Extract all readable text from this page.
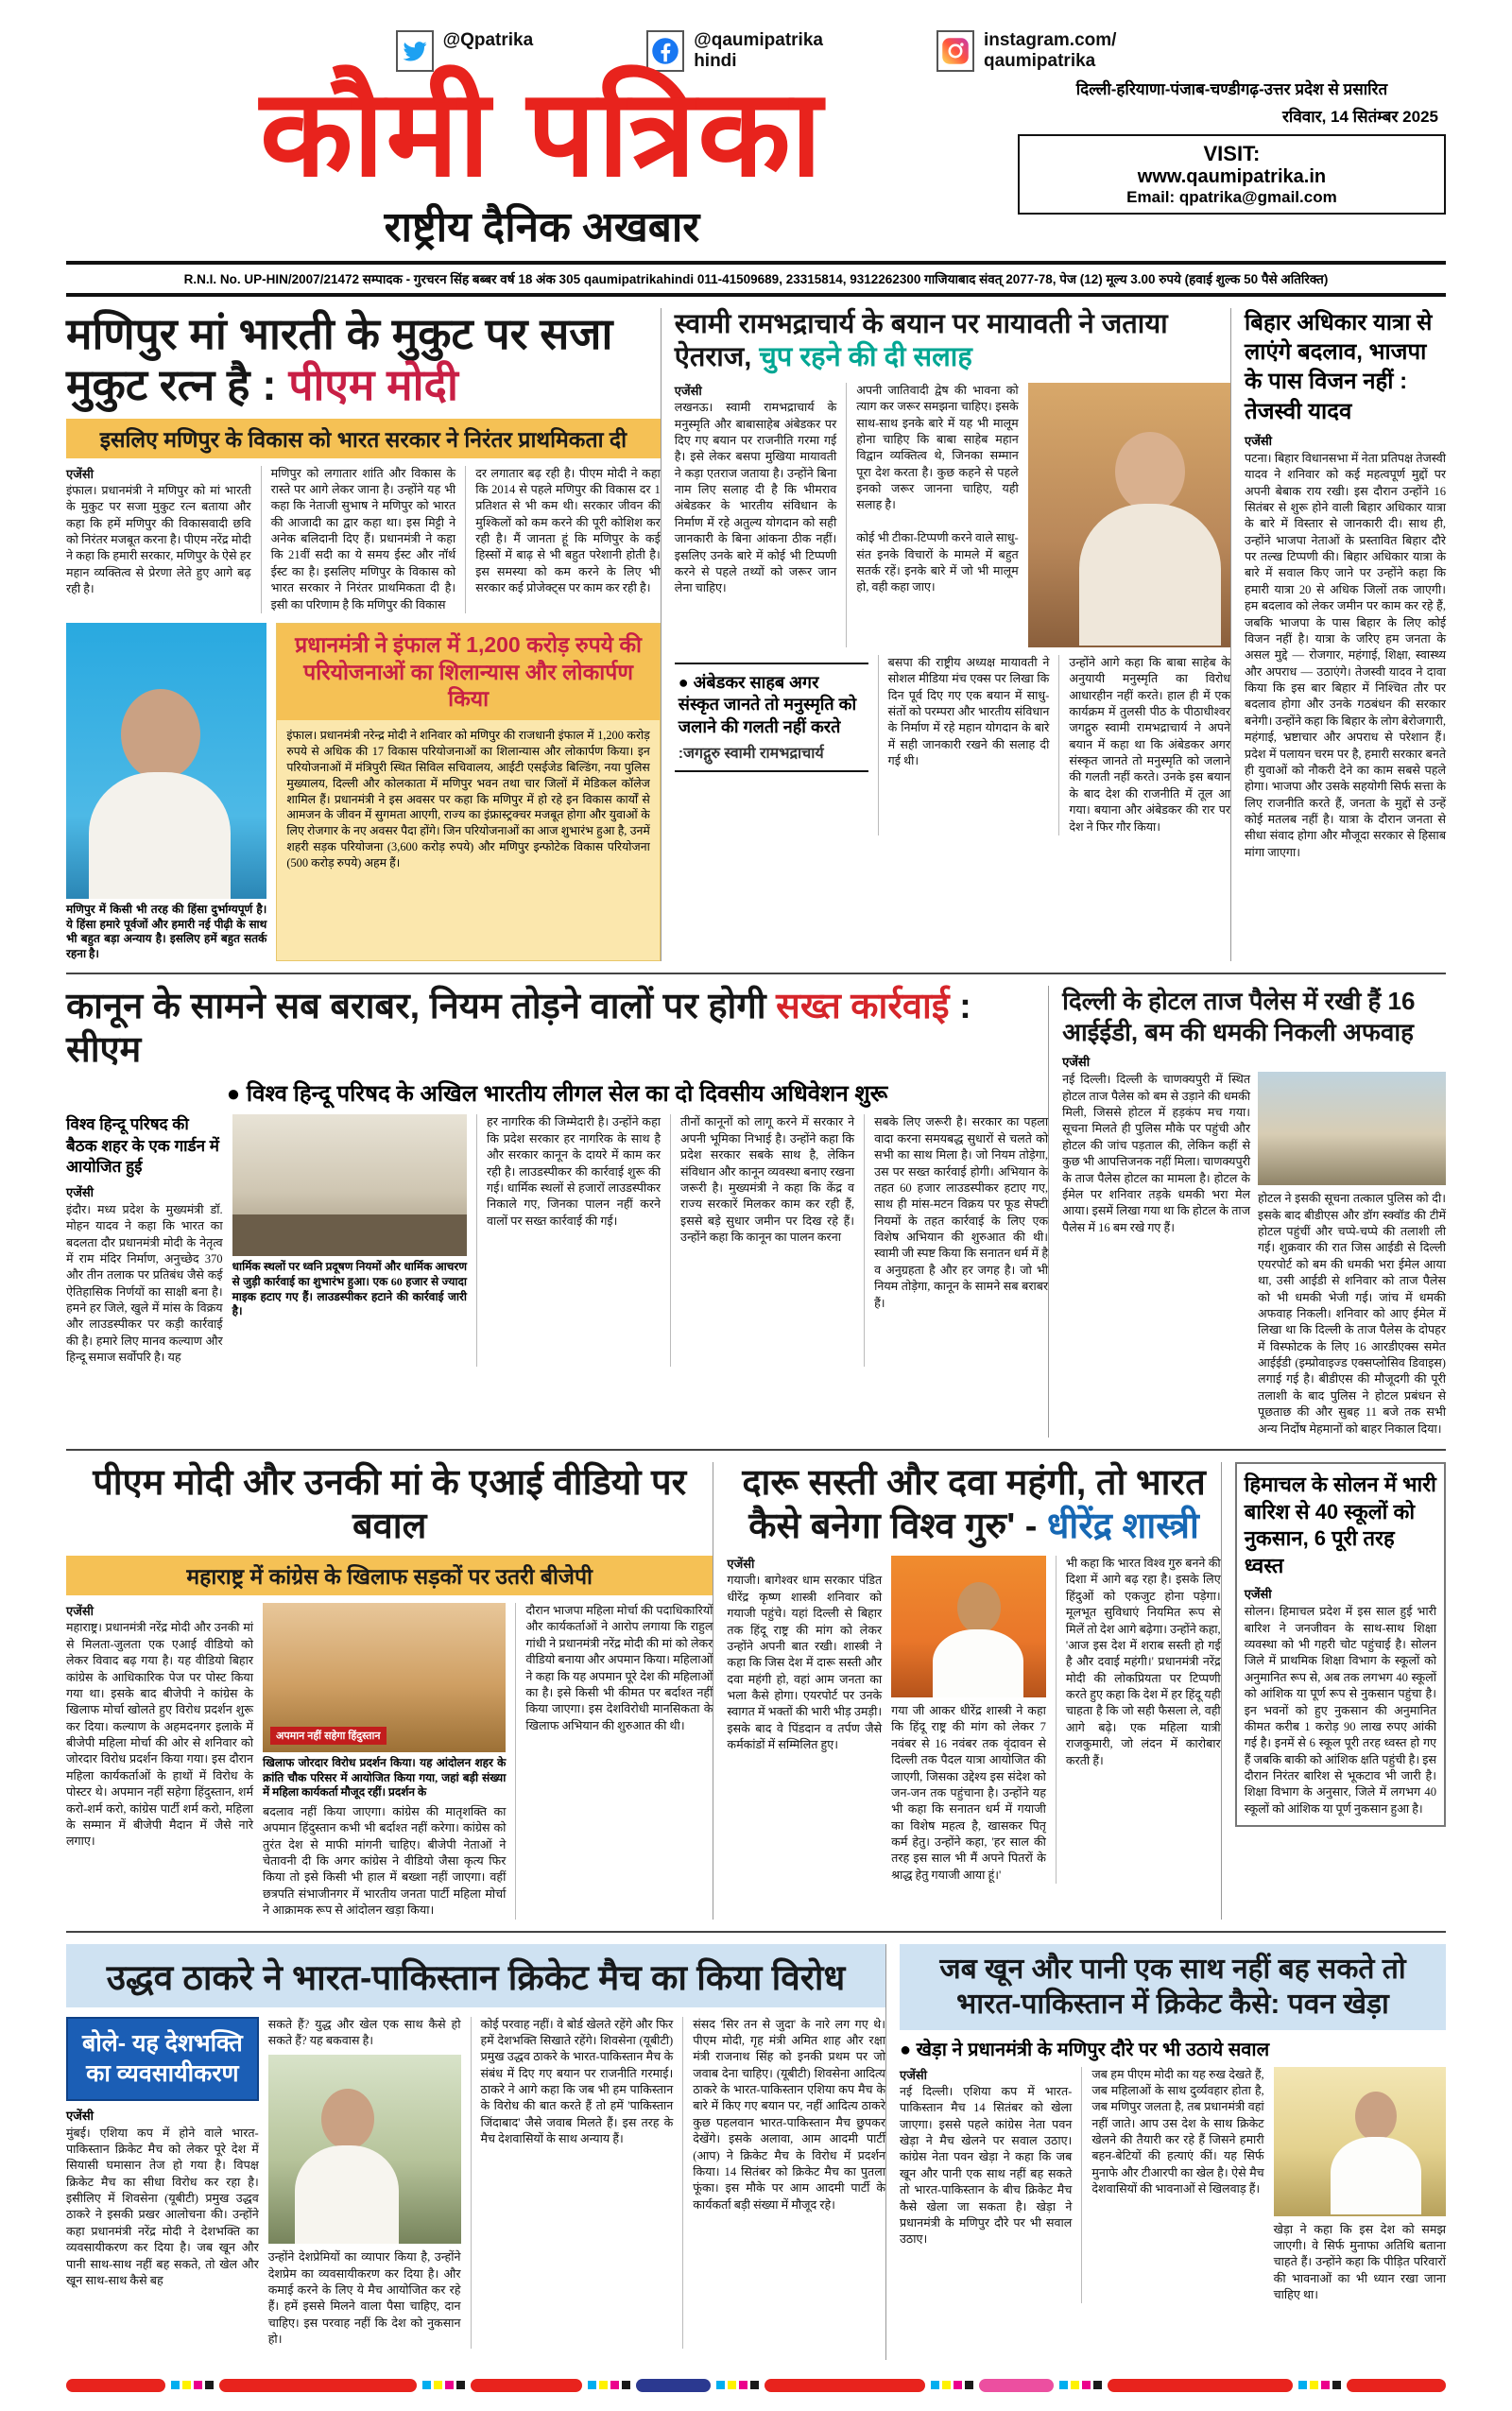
@Qpatrika	@qaumipatrika
hindi
instagram.com/
qaumipatrika
कौमी पत्रिका
राष्ट्रीय दैनिक अखबार
दिल्ली-हरियाणा-पंजाब-चण्डीगढ़-उत्तर प्रदेश से प्रसारित
रविवार, 14 सितंम्बर 2025
VISIT:
www.qaumipatrika.in
Email: qpatrika@gmail.com
R.N.I. No. UP-HIN/2007/21472 सम्पादक - गुरचरन सिंह बब्बर वर्ष 18 अंक 305 qaumipatrikahindi 011-41509689, 23315814, 9312262300 गाजियाबाद संवत् 2077-78, पेज (12) मूल्य 3.00 रुपये (हवाई शुल्क 50 पैसे अतिरिक्त)
मणिपुर मां भारती के मुकुट पर सजा मुकुट रत्न है : पीएम मोदी
इसलिए मणिपुर के विकास को भारत सरकार ने निरंतर प्राथमिकता दी
एजेंसी
इंफाल। प्रधानमंत्री ने मणिपुर को मां भारती के मुकुट पर सजा मुकुट रत्न बताया और कहा कि हमें मणिपुर की विकासवादी छवि को निरंतर मजबूत करना है। पीएम नरेंद्र मोदी ने कहा कि हमारी सरकार, मणिपुर के ऐसे हर महान व्यक्तित्व से प्रेरणा लेते हुए आगे बढ़ रही है।
मणिपुर को लगातार शांति और विकास के रास्ते पर आगे लेकर जाना है। उन्होंने यह भी कहा कि नेताजी सुभाष ने मणिपुर को भारत की आजादी का द्वार कहा था। इस मिट्टी ने अनेक बलिदानी दिए हैं। प्रधानमंत्री ने कहा कि 21वीं सदी का ये समय ईस्ट और नॉर्थ ईस्ट का है। इसलिए मणिपुर के विकास को भारत सरकार ने निरंतर प्राथमिकता दी है। इसी का परिणाम है कि मणिपुर की विकास
दर लगातार बढ़ रही है। पीएम मोदी ने कहा कि 2014 से पहले मणिपुर की विकास दर 1 प्रतिशत से भी कम थी। सरकार जीवन की मुश्किलों को कम करने की पूरी कोशिश कर रही है। मैं जानता हूं कि मणिपुर के कई हिस्सों में बाढ़ से भी बहुत परेशानी होती है। इस समस्या को कम करने के लिए भी सरकार कई प्रोजेक्ट्स पर काम कर रही है।
मणिपुर में किसी भी तरह की हिंसा दुर्भाग्यपूर्ण है। ये हिंसा हमारे पूर्वजों और हमारी नई पीढ़ी के साथ भी बहुत बड़ा अन्याय है। इसलिए हमें बहुत सतर्क रहना है।
प्रधानमंत्री ने इंफाल में 1,200 करोड़ रुपये की परियोजनाओं का शिलान्यास और लोकार्पण किया
इंफाल। प्रधानमंत्री नरेन्द्र मोदी ने शनिवार को मणिपुर की राजधानी इंफाल में 1,200 करोड़ रुपये से अधिक की 17 विकास परियोजनाओं का शिलान्यास और लोकार्पण किया। इन परियोजनाओं में मंत्रिपुरी स्थित सिविल सचिवालय, आईटी एसईजेड बिल्डिंग, नया पुलिस मुख्यालय, दिल्ली और कोलकाता में मणिपुर भवन तथा चार जिलों में मेडिकल कॉलेज शामिल हैं। प्रधानमंत्री ने इस अवसर पर कहा कि मणिपुर में हो रहे इन विकास कार्यों से आमजन के जीवन में सुगमता आएगी, राज्य का इंफ्रास्ट्रक्चर मजबूत होगा और युवाओं के लिए रोजगार के नए अवसर पैदा होंगे। जिन परियोजनाओं का आज शुभारंभ हुआ है, उनमें शहरी सड़क परियोजना (3,600 करोड़ रुपये) और मणिपुर इन्फोटेक विकास परियोजना (500 करोड़ रुपये) अहम हैं।
स्वामी रामभद्राचार्य के बयान पर मायावती ने जताया ऐतराज, चुप रहने की दी सलाह
एजेंसी
लखनऊ। स्वामी रामभद्राचार्य के मनुस्मृति और बाबासाहेब अंबेडकर पर दिए गए बयान पर राजनीति गरमा गई है। इसे लेकर बसपा मुखिया मायावती ने कड़ा एतराज जताया है। उन्होंने बिना नाम लिए सलाह दी है कि भीमराव अंबेडकर के भारतीय संविधान के निर्माण में रहे अतुल्य योगदान को सही जानकारी के बिना आंकना ठीक नहीं। इसलिए उनके बारे में कोई भी टिप्पणी करने से पहले तथ्यों को जरूर जान लेना चाहिए।
अपनी जातिवादी द्वेष की भावना को त्याग कर जरूर समझना चाहिए। इसके साथ-साथ इनके बारे में यह भी मालूम होना चाहिए कि बाबा साहेब महान विद्वान व्यक्तित्व थे, जिनका सम्मान पूरा देश करता है। कुछ कहने से पहले इनको जरूर जानना चाहिए, यही सलाह है।

कोई भी टीका-टिप्पणी करने वाले साधु-संत इनके विचारों के मामले में बहुत सतर्क रहें। इनके बारे में जो भी मालूम हो, वही कहा जाए।
● अंबेडकर साहब अगर संस्कृत जानते तो मनुस्मृति को जलाने की गलती नहीं करते
:जगद्गुरु स्वामी रामभद्राचार्य
बसपा की राष्ट्रीय अध्यक्ष मायावती ने सोशल मीडिया मंच एक्स पर लिखा कि दिन पूर्व दिए गए एक बयान में साधु-संतों को परम्परा और भारतीय संविधान के निर्माण में रहे महान योगदान के बारे में सही जानकारी रखने की सलाह दी गई थी।
उन्होंने आगे कहा कि बाबा साहेब के अनुयायी मनुस्मृति का विरोध आधारहीन नहीं करते। हाल ही में एक कार्यक्रम में तुलसी पीठ के पीठाधीश्वर जगद्गुरु स्वामी रामभद्राचार्य ने अपने बयान में कहा था कि अंबेडकर अगर संस्कृत जानते तो मनुस्मृति को जलाने की गलती नहीं करते। उनके इस बयान के बाद देश की राजनीति में तूल आ गया। बयाना और अंबेडकर की रार पर देश ने फिर गौर किया।
बिहार अधिकार यात्रा से लाएंगे बदलाव, भाजपा के पास विजन नहीं : तेजस्वी यादव
एजेंसी
पटना। बिहार विधानसभा में नेता प्रतिपक्ष तेजस्वी यादव ने शनिवार को कई महत्वपूर्ण मुद्दों पर अपनी बेबाक राय रखी। इस दौरान उन्होंने 16 सितंबर से शुरू होने वाली बिहार अधिकार यात्रा के बारे में विस्तार से जानकारी दी। साथ ही, उन्होंने भाजपा नेताओं के प्रस्तावित बिहार दौरे पर तल्ख टिप्पणी की। बिहार अधिकार यात्रा के बारे में सवाल किए जाने पर उन्होंने कहा कि हमारी यात्रा 20 से अधिक जिलों तक जाएगी। हम बदलाव को लेकर जमीन पर काम कर रहे हैं, जबकि भाजपा के पास बिहार के लिए कोई विजन नहीं है। यात्रा के जरिए हम जनता के असल मुद्दे — रोजगार, महंगाई, शिक्षा, स्वास्थ्य और अपराध — उठाएंगे। तेजस्वी यादव ने दावा किया कि इस बार बिहार में निश्चित तौर पर बदलाव होगा और उनके गठबंधन की सरकार बनेगी। उन्होंने कहा कि बिहार के लोग बेरोजगारी, महंगाई, भ्रष्टाचार और अपराध से परेशान हैं। प्रदेश में पलायन चरम पर है, हमारी सरकार बनते ही युवाओं को नौकरी देने का काम सबसे पहले होगा। भाजपा और उसके सहयोगी सिर्फ सत्ता के लिए राजनीति करते हैं, जनता के मुद्दों से उन्हें कोई मतलब नहीं है। यात्रा के दौरान जनता से सीधा संवाद होगा और मौजूदा सरकार से हिसाब मांगा जाएगा।
कानून के सामने सब बराबर, नियम तोड़ने वालों पर होगी सख्त कार्रवाई : सीएम
● विश्व हिन्दू परिषद के अखिल भारतीय लीगल सेल का दो दिवसीय अधिवेशन शुरू
विश्व हिन्दू परिषद की बैठक शहर के एक गार्डन में आयोजित हुई
एजेंसी
इंदौर। मध्य प्रदेश के मुख्यमंत्री डॉ. मोहन यादव ने कहा कि भारत का बदलता दौर प्रधानमंत्री मोदी के नेतृत्व में राम मंदिर निर्माण, अनुच्छेद 370 और तीन तलाक पर प्रतिबंध जैसे कई ऐतिहासिक निर्णयों का साक्षी बना है। हमने हर जिले, खुले में मांस के विक्रय और लाउडस्पीकर पर कड़ी कार्रवाई की है। हमारे लिए मानव कल्याण और हिन्दू समाज सर्वोपरि है। यह
धार्मिक स्थलों पर ध्वनि प्रदूषण नियमों और धार्मिक आचरण से जुड़ी कार्रवाई का शुभारंभ हुआ। एक 60 हजार से ज्यादा माइक हटाए गए हैं। लाउडस्पीकर हटाने की कार्रवाई जारी है।
हर नागरिक की जिम्मेदारी है। उन्होंने कहा कि प्रदेश सरकार हर नागरिक के साथ है और सरकार कानून के दायरे में काम कर रही है। लाउडस्पीकर की कार्रवाई शुरू की गई। धार्मिक स्थलों से हजारों लाउडस्पीकर निकाले गए, जिनका पालन नहीं करने वालों पर सख्त कार्रवाई की गई।
तीनों कानूनों को लागू करने में सरकार ने अपनी भूमिका निभाई है। उन्होंने कहा कि प्रदेश सरकार सबके साथ है, लेकिन संविधान और कानून व्यवस्था बनाए रखना जरूरी है। मुख्यमंत्री ने कहा कि केंद्र व राज्य सरकारें मिलकर काम कर रही हैं, इससे बड़े सुधार जमीन पर दिख रहे हैं। उन्होंने कहा कि कानून का पालन करना
सबके लिए जरूरी है। सरकार का पहला वादा करना समयबद्ध सुधारों से चलते को सभी का साथ मिला है। जो नियम तोड़ेगा, उस पर सख्त कार्रवाई होगी। अभियान के तहत 60 हजार लाउडस्पीकर हटाए गए, साथ ही मांस-मटन विक्रय पर फूड सेफ्टी नियमों के तहत कार्रवाई के लिए एक विशेष अभियान की शुरुआत की थी। स्वामी जी स्पष्ट किया कि सनातन धर्म में है व अनुग्रहता है और हर जगह है। जो भी नियम तोड़ेगा, कानून के सामने सब बराबर हैं।
दिल्ली के होटल ताज पैलेस में रखी हैं 16 आईईडी, बम की धमकी निकली अफवाह
एजेंसी
नई दिल्ली। दिल्ली के चाणक्यपुरी में स्थित होटल ताज पैलेस को बम से उड़ाने की धमकी मिली, जिससे होटल में हड़कंप मच गया। सूचना मिलते ही पुलिस मौके पर पहुंची और होटल की जांच पड़ताल की, लेकिन कहीं से कुछ भी आपत्तिजनक नहीं मिला। चाणक्यपुरी के ताज पैलेस होटल का मामला है। होटल के ईमेल पर शनिवार तड़के धमकी भरा मेल आया। इसमें लिखा गया था कि होटल के ताज पैलेस में 16 बम रखे गए हैं।
होटल ने इसकी सूचना तत्काल पुलिस को दी। इसके बाद बीडीएस और डॉग स्क्वॉड की टीमें होटल पहुंचीं और चप्पे-चप्पे की तलाशी ली गई। शुक्रवार की रात जिस आईडी से दिल्ली एयरपोर्ट को बम की धमकी भरा ईमेल आया था, उसी आईडी से शनिवार को ताज पैलेस को भी धमकी भेजी गई। जांच में धमकी अफवाह निकली। शनिवार को आए ईमेल में लिखा था कि दिल्ली के ताज पैलेस के दोपहर में विस्फोटक के लिए 16 आरडीएक्स समेत आईईडी (इम्प्रोवाइज्ड एक्सप्लोसिव डिवाइस) लगाई गई है। बीडीएस की मौजूदगी की पूरी तलाशी के बाद पुलिस ने होटल प्रबंधन से पूछताछ की और सुबह 11 बजे तक सभी अन्य निर्दोष मेहमानों को बाहर निकाल दिया।
पीएम मोदी और उनकी मां के एआई वीडियो पर बवाल
महाराष्ट्र में कांग्रेस के खिलाफ सड़कों पर उतरी बीजेपी
एजेंसी
महाराष्ट्र। प्रधानमंत्री नरेंद्र मोदी और उनकी मां से मिलता-जुलता एक एआई वीडियो को लेकर विवाद बढ़ गया है। यह वीडियो बिहार कांग्रेस के आधिकारिक पेज पर पोस्ट किया गया था। इसके बाद बीजेपी ने कांग्रेस के खिलाफ मोर्चा खोलते हुए विरोध प्रदर्शन शुरू कर दिया। कल्याण के अहमदनगर इलाके में बीजेपी महिला मोर्चा की ओर से शनिवार को जोरदार विरोध प्रदर्शन किया गया। इस दौरान महिला कार्यकर्ताओं के हाथों में विरोध के पोस्टर थे। अपमान नहीं सहेगा हिंदुस्तान, शर्म करो-शर्म करो, कांग्रेस पार्टी शर्म करो, महिला के सम्मान में बीजेपी मैदान में जैसे नारे लगाए।
अपमान नहीं सहेगा हिंदुस्तान
खिलाफ जोरदार विरोध प्रदर्शन किया। यह आंदोलन शहर के क्रांति चौक परिसर में आयोजित किया गया, जहां बड़ी संख्या में महिला कार्यकर्ता मौजूद रहीं। प्रदर्शन के
बदलाव नहीं किया जाएगा। कांग्रेस की मातृशक्ति का अपमान हिंदुस्तान कभी भी बर्दाश्त नहीं करेगा। कांग्रेस को तुरंत देश से माफी मांगनी चाहिए। बीजेपी नेताओं ने चेतावनी दी कि अगर कांग्रेस ने वीडियो जैसा कृत्य फिर किया तो इसे किसी भी हाल में बख्शा नहीं जाएगा। वहीं छत्रपति संभाजीनगर में भारतीय जनता पार्टी महिला मोर्चा ने आक्रामक रूप से आंदोलन खड़ा किया।
दौरान भाजपा महिला मोर्चा की पदाधिकारियों और कार्यकर्ताओं ने आरोप लगाया कि राहुल गांधी ने प्रधानमंत्री नरेंद्र मोदी की मां को लेकर वीडियो बनाया और अपमान किया। महिलाओं ने कहा कि यह अपमान पूरे देश की महिलाओं का है। इसे किसी भी कीमत पर बर्दाश्त नहीं किया जाएगा। इस देशविरोधी मानसिकता के खिलाफ अभियान की शुरुआत की थी।
दारू सस्ती और दवा महंगी, तो भारत कैसे बनेगा विश्व गुरु' - धीरेंद्र शास्त्री
एजेंसी
गयाजी। बागेश्वर धाम सरकार पंडित धीरेंद्र कृष्ण शास्त्री शनिवार को गयाजी पहुंचे। यहां दिल्ली से बिहार तक हिंदू राष्ट्र की मांग को लेकर उन्होंने अपनी बात रखी। शास्त्री ने कहा कि जिस देश में दारू सस्ती और दवा महंगी हो, वहां आम जनता का भला कैसे होगा। एयरपोर्ट पर उनके स्वागत में भक्तों की भारी भीड़ उमड़ी। इसके बाद वे पिंडदान व तर्पण जैसे कर्मकांडों में सम्मिलित हुए।
गया जी आकर धीरेंद्र शास्त्री ने कहा कि हिंदू राष्ट्र की मांग को लेकर 7 नवंबर से 16 नवंबर तक वृंदावन से दिल्ली तक पैदल यात्रा आयोजित की जाएगी, जिसका उद्देश्य इस संदेश को जन-जन तक पहुंचाना है। उन्होंने यह भी कहा कि सनातन धर्म में गयाजी का विशेष महत्व है, खासकर पितृ कर्म हेतु। उन्होंने कहा, 'हर साल की तरह इस साल भी मैं अपने पितरों के श्राद्ध हेतु गयाजी आया हूं।'
भी कहा कि भारत विश्व गुरु बनने की दिशा में आगे बढ़ रहा है। इसके लिए हिंदुओं को एकजुट होना पड़ेगा। मूलभूत सुविधाएं नियमित रूप से मिलें तो देश आगे बढ़ेगा। उन्होंने कहा, 'आज इस देश में शराब सस्ती हो गई है और दवाई महंगी।' प्रधानमंत्री नरेंद्र मोदी की लोकप्रियता पर टिप्पणी करते हुए कहा कि देश में हर हिंदू यही चाहता है कि जो सही फैसला ले, वही आगे बढ़े। एक महिला यात्री राजकुमारी, जो लंदन में कारोबार करती हैं।
हिमाचल के सोलन में भारी बारिश से 40 स्कूलों को नुकसान, 6 पूरी तरह ध्वस्त
एजेंसी
सोलन। हिमाचल प्रदेश में इस साल हुई भारी बारिश ने जनजीवन के साथ-साथ शिक्षा व्यवस्था को भी गहरी चोट पहुंचाई है। सोलन जिले में प्राथमिक शिक्षा विभाग के स्कूलों को अनुमानित रूप से, अब तक लगभग 40 स्कूलों को आंशिक या पूर्ण रूप से नुकसान पहुंचा है। इन भवनों को हुए नुकसान की अनुमानित कीमत करीब 1 करोड़ 90 लाख रुपए आंकी गई है। इनमें से 6 स्कूल पूरी तरह ध्वस्त हो गए हैं जबकि बाकी को आंशिक क्षति पहुंची है। इस दौरान निरंतर बारिश से भूकटाव भी जारी है। शिक्षा विभाग के अनुसार, जिले में लगभग 40 स्कूलों को आंशिक या पूर्ण नुकसान हुआ है।
उद्धव ठाकरे ने भारत-पाकिस्तान क्रिकेट मैच का किया विरोध
बोले- यह देशभक्ति का व्यवसायीकरण
एजेंसी
मुंबई। एशिया कप में होने वाले भारत-पाकिस्तान क्रिकेट मैच को लेकर पूरे देश में सियासी घमासान तेज हो गया है। विपक्ष क्रिकेट मैच का सीधा विरोध कर रहा है। इसीलिए में शिवसेना (यूबीटी) प्रमुख उद्धव ठाकरे ने इसकी प्रखर आलोचना की। उन्होंने कहा प्रधानमंत्री नरेंद्र मोदी ने देशभक्ति का व्यवसायीकरण कर दिया है। जब खून और पानी साथ-साथ नहीं बह सकते, तो खेल और खून साथ-साथ कैसे बह
सकते हैं? युद्ध और खेल एक साथ कैसे हो सकते हैं? यह बकवास है।
उन्होंने देशप्रेमियों का व्यापार किया है, उन्होंने देशप्रेम का व्यवसायीकरण कर दिया है। और कमाई करने के लिए ये मैच आयोजित कर रहे हैं। हमें इससे मिलने वाला पैसा चाहिए, दान चाहिए। इस परवाह नहीं कि देश को नुकसान हो।
कोई परवाह नहीं। वे बोर्ड खेलते रहेंगे और फिर हमें देशभक्ति सिखाते रहेंगे। शिवसेना (यूबीटी) प्रमुख उद्धव ठाकरे के भारत-पाकिस्तान मैच के संबंध में दिए गए बयान पर राजनीति गरमाई। ठाकरे ने आगे कहा कि जब भी हम पाकिस्तान के विरोध की बात करते हैं तो हमें 'पाकिस्तान जिंदाबाद' जैसे जवाब मिलते हैं। इस तरह के मैच देशवासियों के साथ अन्याय हैं।
संसद 'सिर तन से जुदा' के नारे लग गए थे। पीएम मोदी, गृह मंत्री अमित शाह और रक्षा मंत्री राजनाथ सिंह को इनकी प्रथम पर जो जवाब देना चाहिए। (यूबीटी) शिवसेना आदित्य ठाकरे के भारत-पाकिस्तान एशिया कप मैच के बारे में किए गए बयान पर, नहीं आदित्य ठाकरे कुछ पहलवान भारत-पाकिस्तान मैच छुपकर देखेंगे। इसके अलावा, आम आदमी पार्टी (आप) ने क्रिकेट मैच के विरोध में प्रदर्शन किया। 14 सितंबर को क्रिकेट मैच का पुतला फूंका। इस मौके पर आम आदमी पार्टी के कार्यकर्ता बड़ी संख्या में मौजूद रहे।
जब खून और पानी एक साथ नहीं बह सकते तो भारत-पाकिस्तान में क्रिकेट कैसे: पवन खेड़ा
● खेड़ा ने प्रधानमंत्री के मणिपुर दौरे पर भी उठाये सवाल
एजेंसी
नई दिल्ली। एशिया कप में भारत-पाकिस्तान मैच 14 सितंबर को खेला जाएगा। इससे पहले कांग्रेस नेता पवन खेड़ा ने मैच खेलने पर सवाल उठाए। कांग्रेस नेता पवन खेड़ा ने कहा कि जब खून और पानी एक साथ नहीं बह सकते तो भारत-पाकिस्तान के बीच क्रिकेट मैच कैसे खेला जा सकता है। खेड़ा ने प्रधानमंत्री के मणिपुर दौरे पर भी सवाल उठाए।
जब हम पीएम मोदी का यह रुख देखते हैं, जब महिलाओं के साथ दुर्व्यवहार होता है, जब मणिपुर जलता है, तब प्रधानमंत्री वहां नहीं जाते। आप उस देश के साथ क्रिकेट खेलने की तैयारी कर रहे हैं जिसने हमारी बहन-बेटियों की हत्याएं कीं। यह सिर्फ मुनाफे और टीआरपी का खेल है। ऐसे मैच देशवासियों की भावनाओं से खिलवाड़ हैं।
खेड़ा ने कहा कि इस देश को समझ जाएगी। वे सिर्फ मुनाफा अतिथि बताना चाहते हैं। उन्होंने कहा कि पीड़ित परिवारों की भावनाओं का भी ध्यान रखा जाना चाहिए था।
